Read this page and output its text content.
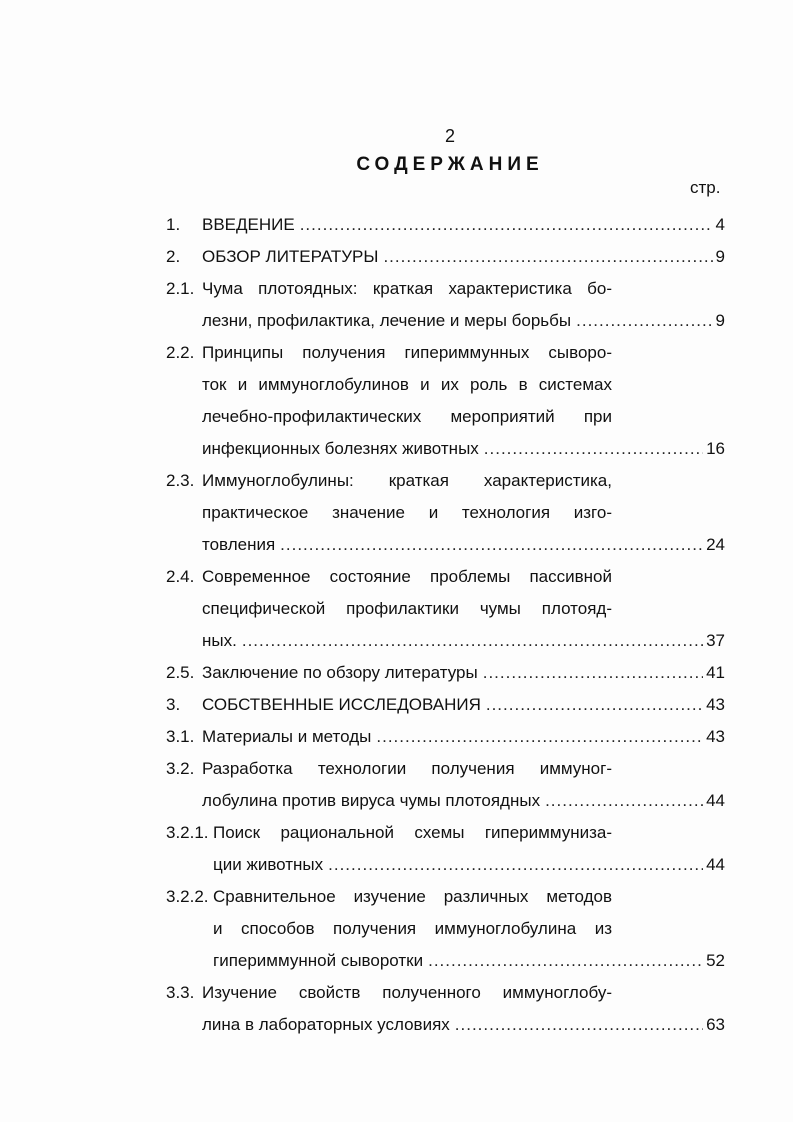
2
СОДЕРЖАНИЕ
стр.
1. ВВЕДЕНИЕ .....	4
2. ОБЗОР ЛИТЕРАТУРЫ .....	9
2.1. Чума плотоядных: краткая характеристика бо-
лезни, профилактика, лечение и меры борьбы .....	9
2.2. Принципы получения гипериммунных сыворо-
ток и иммуноглобулинов и их роль в системах
лечебно-профилактических мероприятий при
инфекционных болезнях животных .....	16
2.3. Иммуноглобулины: краткая характеристика,
практическое значение и технология изго-
товления .....	24
2.4. Современное состояние проблемы пассивной
специфической профилактики чумы плотояд-
ных. .....	37
2.5. Заключение по обзору литературы .....	41
3. СОБСТВЕННЫЕ ИССЛЕДОВАНИЯ .....	43
3.1. Материалы и методы .....	43
3.2. Разработка технологии получения иммуног-
лобулина против вируса чумы плотоядных .....	44
3.2.1. Поиск рациональной схемы гипериммуниза-
ции животных .....	44
3.2.2. Сравнительное изучение различных методов
и способов получения иммуноглобулина из
гипериммунной сыворотки .....	52
3.3. Изучение свойств полученного иммуноглобу-
лина в лабораторных условиях .....	63
